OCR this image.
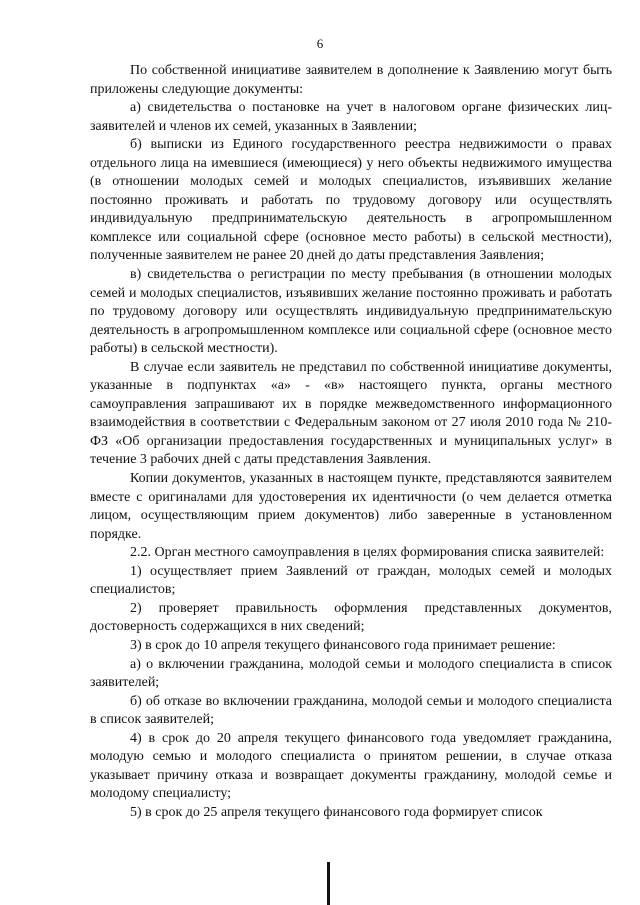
6

По собственной инициативе заявителем в дополнение к Заявлению могут быть приложены следующие документы:

а) свидетельства о постановке на учет в налоговом органе физических лиц-заявителей и членов их семей, указанных в Заявлении;

б) выписки из Единого государственного реестра недвижимости о правах отдельного лица на имевшиеся (имеющиеся) у него объекты недвижимого имущества (в отношении молодых семей и молодых специалистов, изъявивших желание постоянно проживать и работать по трудовому договору или осуществлять индивидуальную предпринимательскую деятельность в агропромышленном комплексе или социальной сфере (основное место работы) в сельской местности), полученные заявителем не ранее 20 дней до даты представления Заявления;

в) свидетельства о регистрации по месту пребывания (в отношении молодых семей и молодых специалистов, изъявивших желание постоянно проживать и работать по трудовому договору или осуществлять индивидуальную предпринимательскую деятельность в агропромышленном комплексе или социальной сфере (основное место работы) в сельской местности).

В случае если заявитель не представил по собственной инициативе документы, указанные в подпунктах «а» - «в» настоящего пункта, органы местного самоуправления запрашивают их в порядке межведомственного информационного взаимодействия в соответствии с Федеральным законом от 27 июля 2010 года № 210-ФЗ «Об организации предоставления государственных и муниципальных услуг» в течение 3 рабочих дней с даты представления Заявления.

Копии документов, указанных в настоящем пункте, представляются заявителем вместе с оригиналами для удостоверения их идентичности (о чем делается отметка лицом, осуществляющим прием документов) либо заверенные в установленном порядке.

2.2. Орган местного самоуправления в целях формирования списка заявителей:

1) осуществляет прием Заявлений от граждан, молодых семей и молодых специалистов;

2) проверяет правильность оформления представленных документов, достоверность содержащихся в них сведений;

3) в срок до 10 апреля текущего финансового года принимает решение:

а) о включении гражданина, молодой семьи и молодого специалиста в список заявителей;

б) об отказе во включении гражданина, молодой семьи и молодого специалиста в список заявителей;

4) в срок до 20 апреля текущего финансового года уведомляет гражданина, молодую семью и молодого специалиста о принятом решении, в случае отказа указывает причину отказа и возвращает документы гражданину, молодой семье и молодому специалисту;

5) в срок до 25 апреля текущего финансового года формирует список
